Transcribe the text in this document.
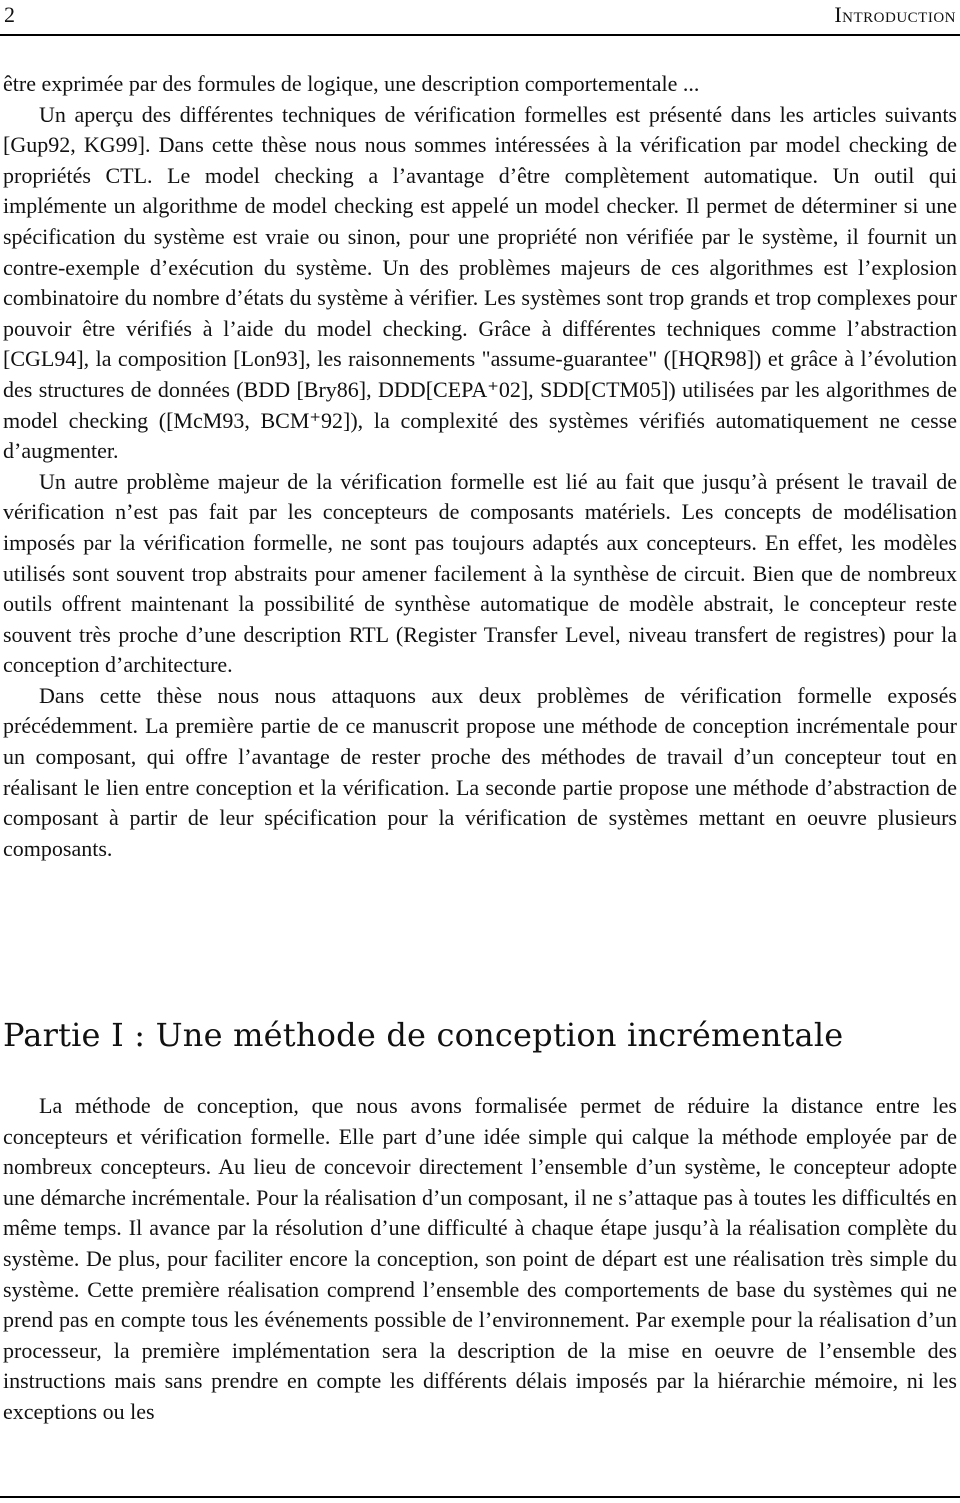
2	Introduction

être exprimée par des formules de logique, une description comportementale ...

Un aperçu des différentes techniques de vérification formelles est présenté dans les articles suivants [Gup92, KG99]. Dans cette thèse nous nous sommes intéressées à la vérification par model checking de propriétés CTL. Le model checking a l’avantage d’être complètement automatique. Un outil qui implémente un algorithme de model checking est appelé un model checker. Il permet de déterminer si une spécification du système est vraie ou sinon, pour une propriété non vérifiée par le système, il fournit un contre-exemple d’exécution du système. Un des problèmes majeurs de ces algorithmes est l’explosion combinatoire du nombre d’états du système à vérifier. Les systèmes sont trop grands et trop complexes pour pouvoir être vérifiés à l’aide du model checking. Grâce à différentes techniques comme l’abstraction [CGL94], la composition [Lon93], les raisonnements "assume-guarantee" ([HQR98]) et grâce à l’évolution des structures de données (BDD [Bry86], DDD[CEPA⁺02], SDD[CTM05]) utilisées par les algorithmes de model checking ([McM93, BCM⁺92]), la complexité des systèmes vérifiés automatiquement ne cesse d’augmenter.

Un autre problème majeur de la vérification formelle est lié au fait que jusqu’à présent le travail de vérification n’est pas fait par les concepteurs de composants matériels. Les concepts de modélisation imposés par la vérification formelle, ne sont pas toujours adaptés aux concepteurs. En effet, les modèles utilisés sont souvent trop abstraits pour amener facilement à la synthèse de circuit. Bien que de nombreux outils offrent maintenant la possibilité de synthèse automatique de modèle abstrait, le concepteur reste souvent très proche d’une description RTL (Register Transfer Level, niveau transfert de registres) pour la conception d’architecture.

Dans cette thèse nous nous attaquons aux deux problèmes de vérification formelle exposés précédemment. La première partie de ce manuscrit propose une méthode de conception incrémentale pour un composant, qui offre l’avantage de rester proche des méthodes de travail d’un concepteur tout en réalisant le lien entre conception et la vérification. La seconde partie propose une méthode d’abstraction de composant à partir de leur spécification pour la vérification de systèmes mettant en oeuvre plusieurs composants.

Partie I : Une méthode de conception incrémentale

La méthode de conception, que nous avons formalisée permet de réduire la distance entre les concepteurs et vérification formelle. Elle part d’une idée simple qui calque la méthode employée par de nombreux concepteurs. Au lieu de concevoir directement l’ensemble d’un système, le concepteur adopte une démarche incrémentale. Pour la réalisation d’un composant, il ne s’attaque pas à toutes les difficultés en même temps. Il avance par la résolution d’une difficulté à chaque étape jusqu’à la réalisation complète du système. De plus, pour faciliter encore la conception, son point de départ est une réalisation très simple du système. Cette première réalisation comprend l’ensemble des comportements de base du systèmes qui ne prend pas en compte tous les événements possible de l’environnement. Par exemple pour la réalisation d’un processeur, la première implémentation sera la description de la mise en oeuvre de l’ensemble des instructions mais sans prendre en compte les différents délais imposés par la hiérarchie mémoire, ni les exceptions ou les
